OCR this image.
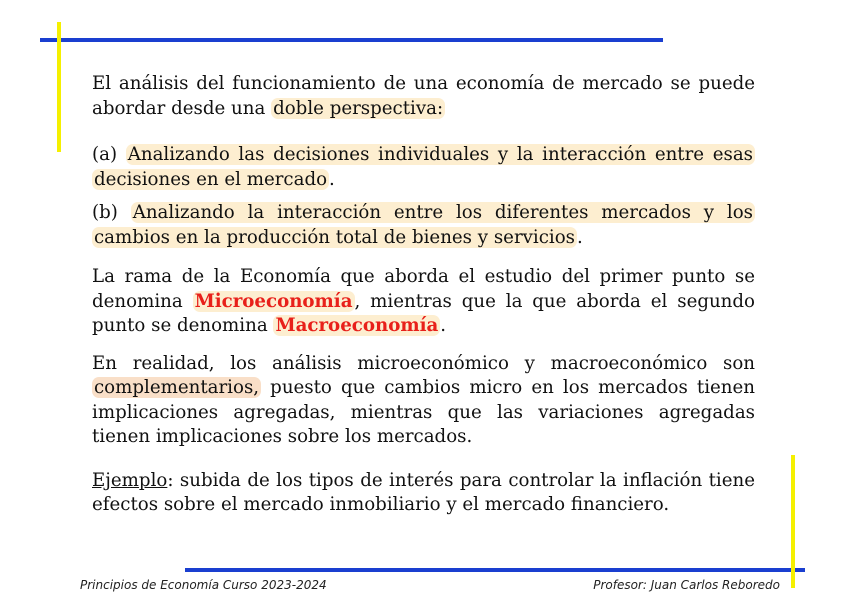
El análisis del funcionamiento de una economía de mercado se puede abordar desde una doble perspectiva:

(a) Analizando las decisiones individuales y la interacción entre esas decisiones en el mercado .

(b) Analizando la interacción entre los diferentes mercados y los cambios en la producción total de bienes y servicios .

La rama de la Economía que aborda el estudio del primer punto se denomina Microeconomía , mientras que la que aborda el segundo punto se denomina Macroeconomía .

En realidad, los análisis microeconómico y macroeconómico son complementarios, puesto que cambios micro en los mercados tienen implicaciones agregadas, mientras que las variaciones agregadas tienen implicaciones sobre los mercados.

Ejemplo: subida de los tipos de interés para controlar la inflación tiene efectos sobre el mercado inmobiliario y el mercado financiero.

Principios de Economía Curso 2023-2024	Profesor: Juan Carlos Reboredo
